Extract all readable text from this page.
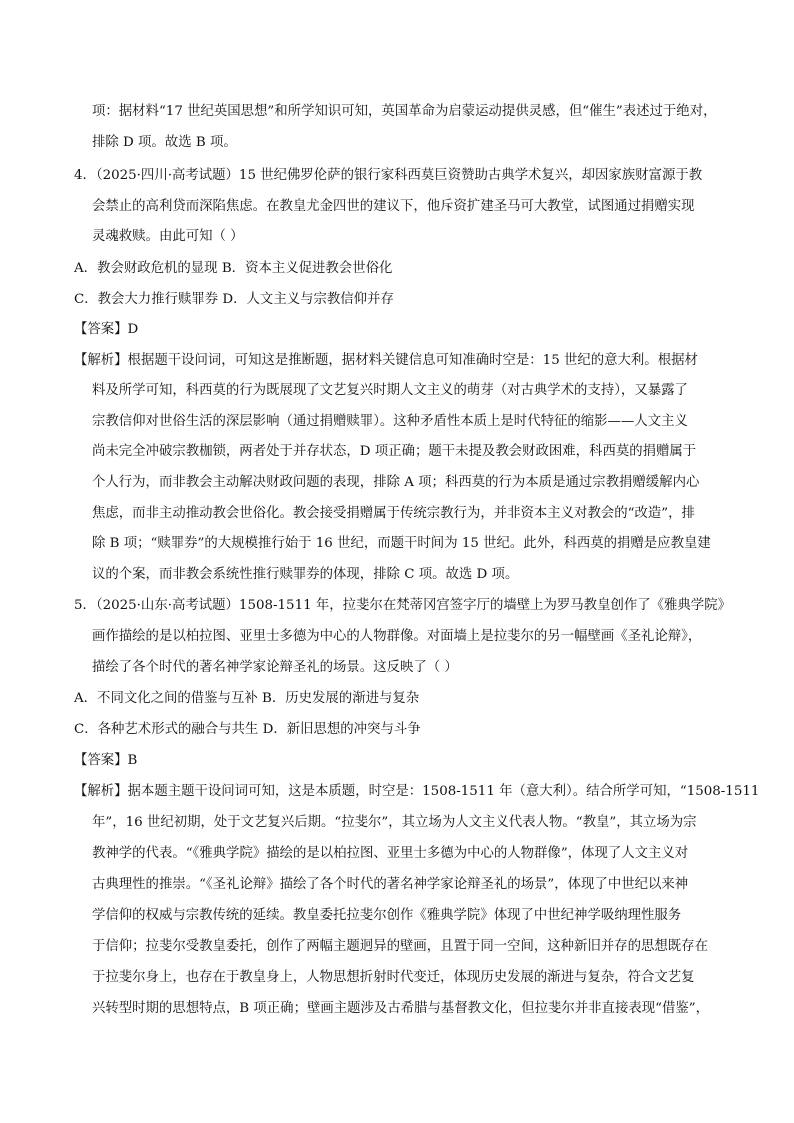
项：据材料“17 世纪英国思想”和所学知识可知，英国革命为启蒙运动提供灵感，但“催生”表述过于绝对，
排除 D 项。故选 B 项。
4．（2025·四川·高考试题）15 世纪佛罗伦萨的银行家科西莫巨资赞助古典学术复兴，却因家族财富源于教
会禁止的高利贷而深陷焦虑。在教皇尤金四世的建议下，他斥资扩建圣马可大教堂，试图通过捐赠实现
灵魂救赎。由此可知（ ）
A．教会财政危机的显现 B．资本主义促进教会世俗化
C．教会大力推行赎罪券 D．人文主义与宗教信仰并存
【答案】D
【解析】根据题干设问词，可知这是推断题，据材料关键信息可知准确时空是：15 世纪的意大利。根据材
料及所学可知，科西莫的行为既展现了文艺复兴时期人文主义的萌芽（对古典学术的支持），又暴露了
宗教信仰对世俗生活的深层影响（通过捐赠赎罪）。这种矛盾性本质上是时代特征的缩影——人文主义
尚未完全冲破宗教枷锁，两者处于并存状态，D 项正确；题干未提及教会财政困难，科西莫的捐赠属于
个人行为，而非教会主动解决财政问题的表现，排除 A 项；科西莫的行为本质是通过宗教捐赠缓解内心
焦虑，而非主动推动教会世俗化。教会接受捐赠属于传统宗教行为，并非资本主义对教会的“改造”，排
除 B 项；“赎罪券”的大规模推行始于 16 世纪，而题干时间为 15 世纪。此外，科西莫的捐赠是应教皇建
议的个案，而非教会系统性推行赎罪券的体现，排除 C 项。故选 D 项。
5．（2025·山东·高考试题）1508-1511 年，拉斐尔在梵蒂冈宫签字厅的墙壁上为罗马教皇创作了《雅典学院》
画作描绘的是以柏拉图、亚里士多德为中心的人物群像。对面墙上是拉斐尔的另一幅壁画《圣礼论辩》，
描绘了各个时代的著名神学家论辩圣礼的场景。这反映了（ ）
A．不同文化之间的借鉴与互补 B．历史发展的渐进与复杂
C．各种艺术形式的融合与共生 D．新旧思想的冲突与斗争
【答案】B
【解析】据本题主题干设问词可知，这是本质题，时空是：1508-1511 年（意大利）。结合所学可知，“1508-1511
年”，16 世纪初期，处于文艺复兴后期。“拉斐尔”，其立场为人文主义代表人物。“教皇”，其立场为宗
教神学的代表。“《雅典学院》描绘的是以柏拉图、亚里士多德为中心的人物群像”，体现了人文主义对
古典理性的推崇。“《圣礼论辩》描绘了各个时代的著名神学家论辩圣礼的场景”，体现了中世纪以来神
学信仰的权威与宗教传统的延续。教皇委托拉斐尔创作《雅典学院》体现了中世纪神学吸纳理性服务
于信仰；拉斐尔受教皇委托，创作了两幅主题迥异的壁画，且置于同一空间，这种新旧并存的思想既存在
于拉斐尔身上，也存在于教皇身上，人物思想折射时代变迁，体现历史发展的渐进与复杂，符合文艺复
兴转型时期的思想特点，B 项正确；壁画主题涉及古希腊与基督教文化，但拉斐尔并非直接表现“借鉴”，
